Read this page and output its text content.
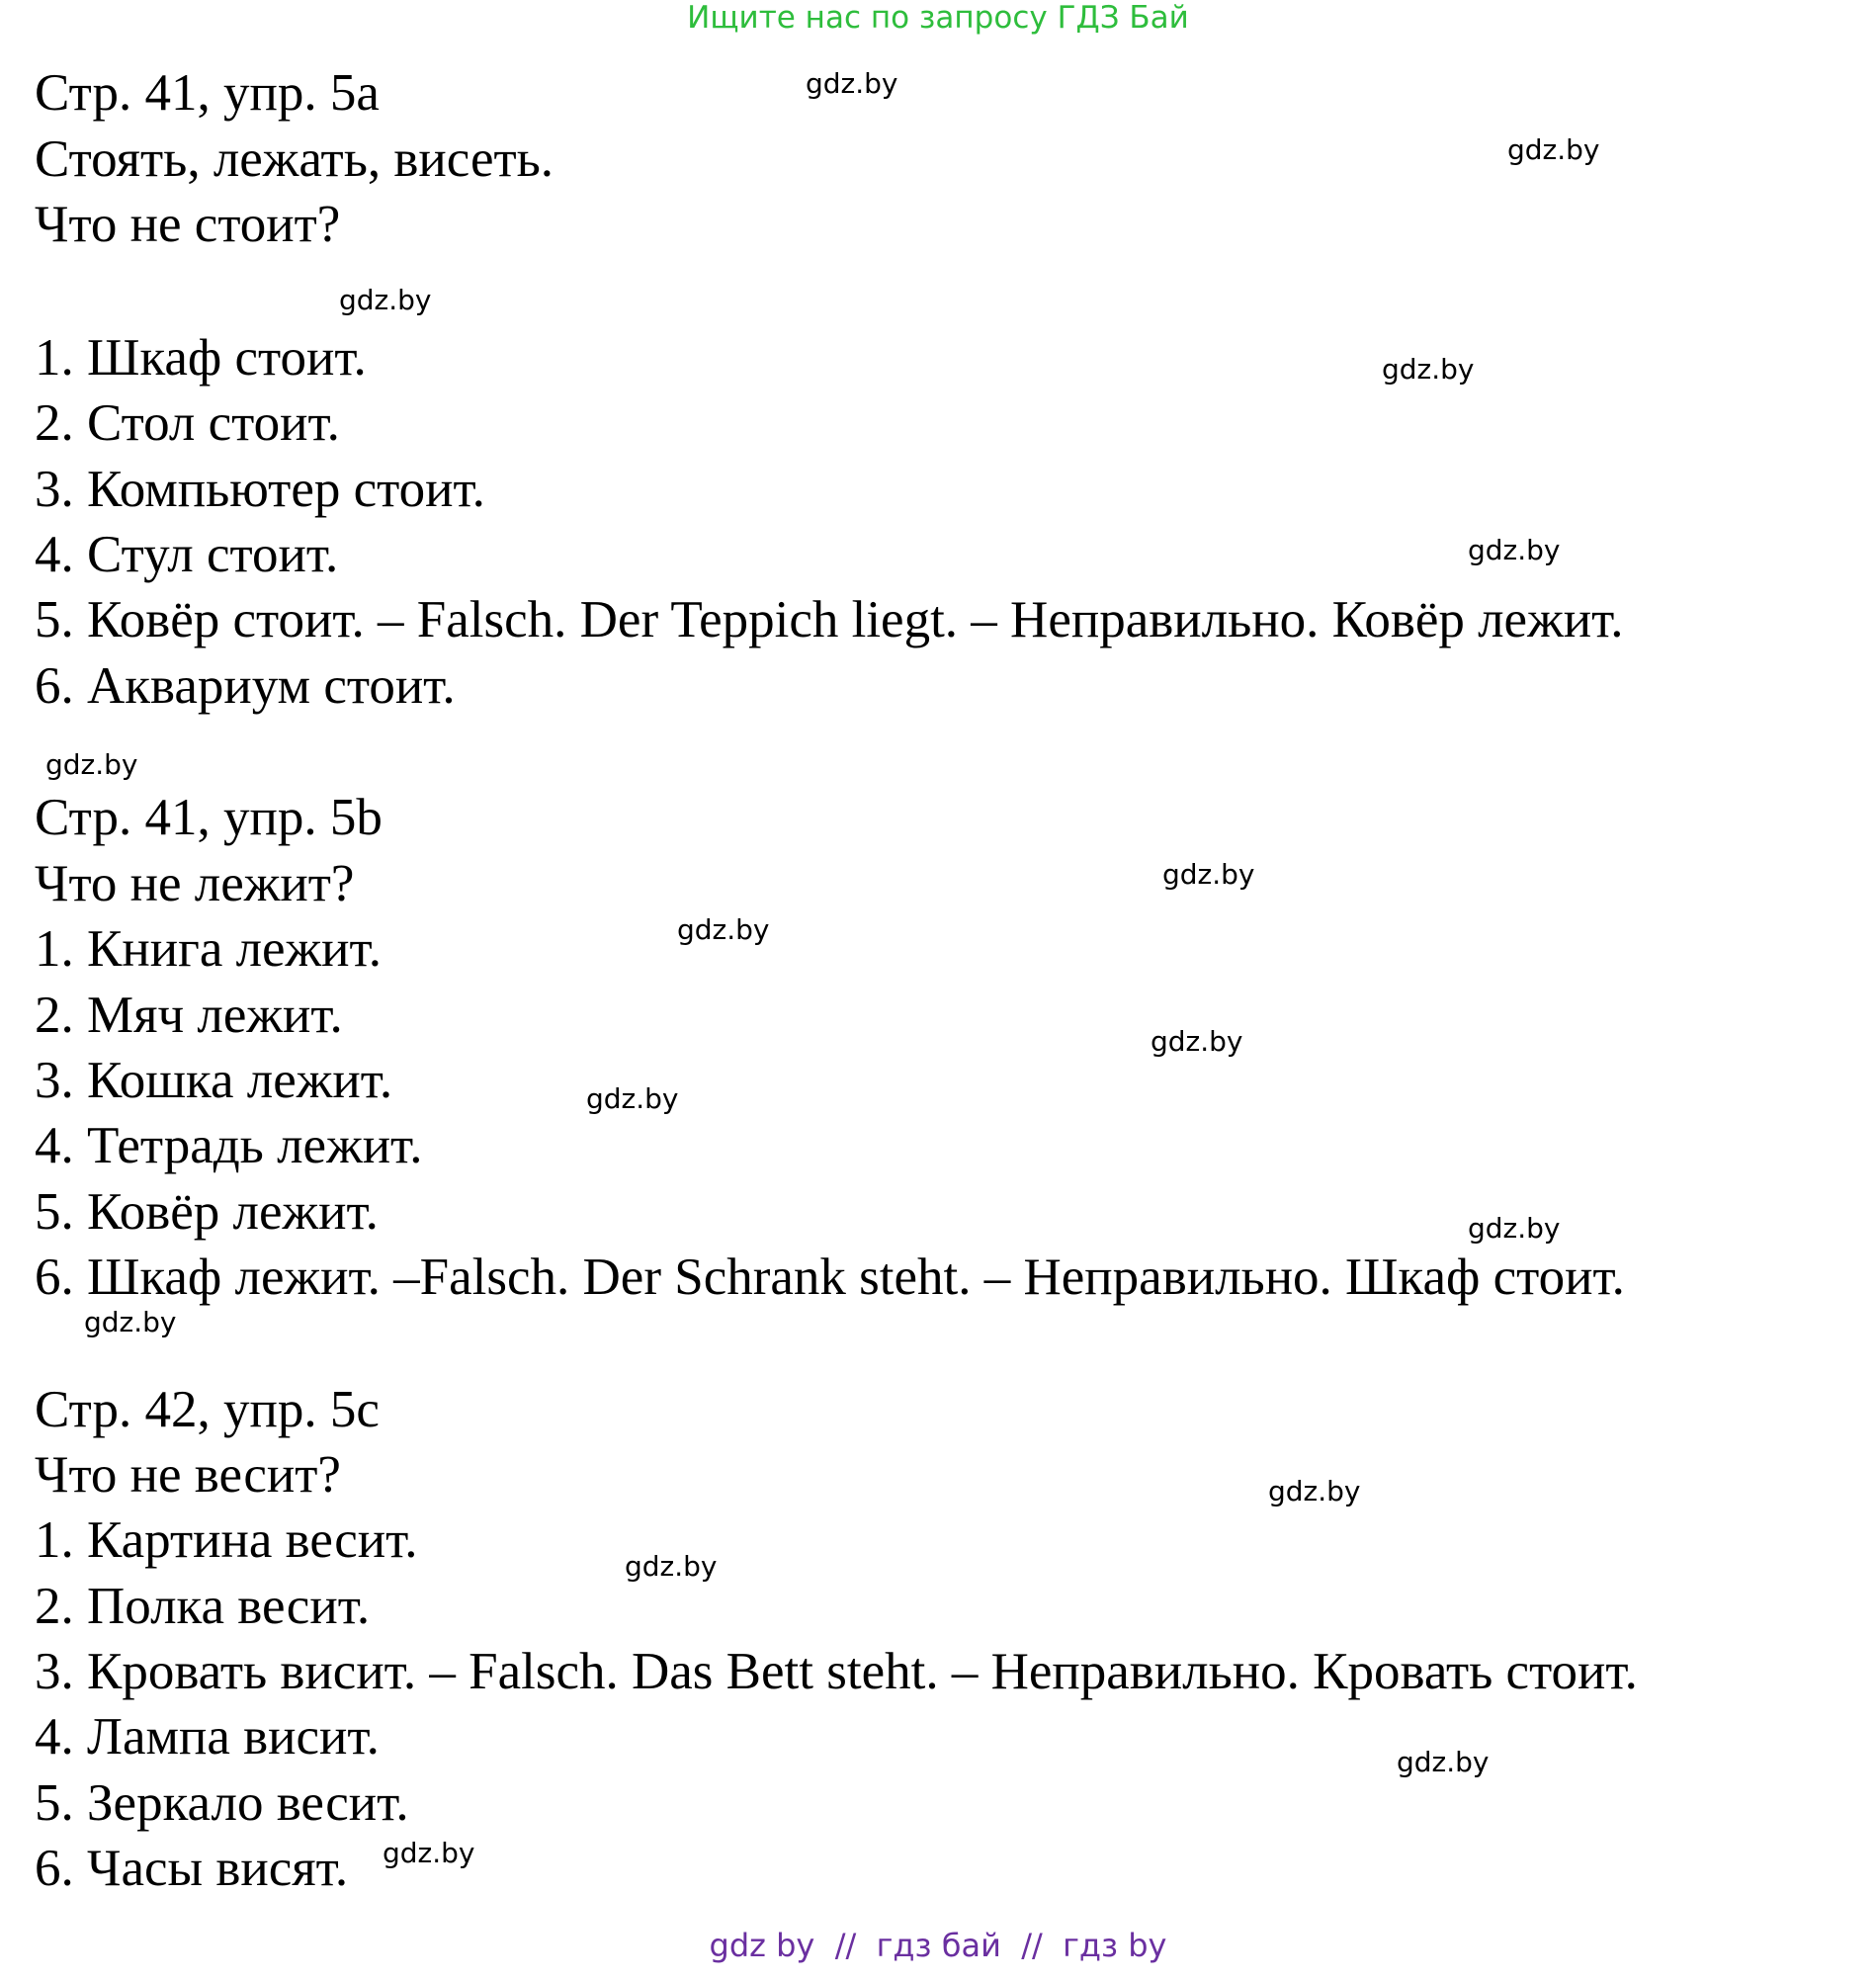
Ищите нас по запросу ГДЗ Бай

Стр. 41, упр. 5a

Стоять, лежать, висеть.

Что не стоит?

1. Шкаф стоит.

2. Стол стоит.

3. Компьютер стоит.

4. Стул стоит.

5. Ковёр стоит. – Falsch. Der Teppich liegt. – Неправильно. Ковёр лежит.

6. Аквариум стоит.

Стр. 41, упр. 5b

Что не лежит?

1. Книга лежит.

2. Мяч лежит.

3. Кошка лежит.

4. Тетрадь лежит.

5. Ковёр лежит.

6. Шкаф лежит. –Falsch. Der Schrank steht. – Неправильно. Шкаф стоит.

Стр. 42, упр. 5c

Что не весит?

1. Картина весит.

2. Полка весит.

3. Кровать висит. – Falsch. Das Bett steht. – Неправильно. Кровать стоит.

4. Лампа висит.

5. Зеркало весит.

6. Часы висят.

gdz.by
gdz.by
gdz.by
gdz.by
gdz.by
gdz.by
gdz.by
gdz.by
gdz.by
gdz.by
gdz.by
gdz.by
gdz.by
gdz.by
gdz.by
gdz.by
gdz by  //  гдз бай  //  гдз by
